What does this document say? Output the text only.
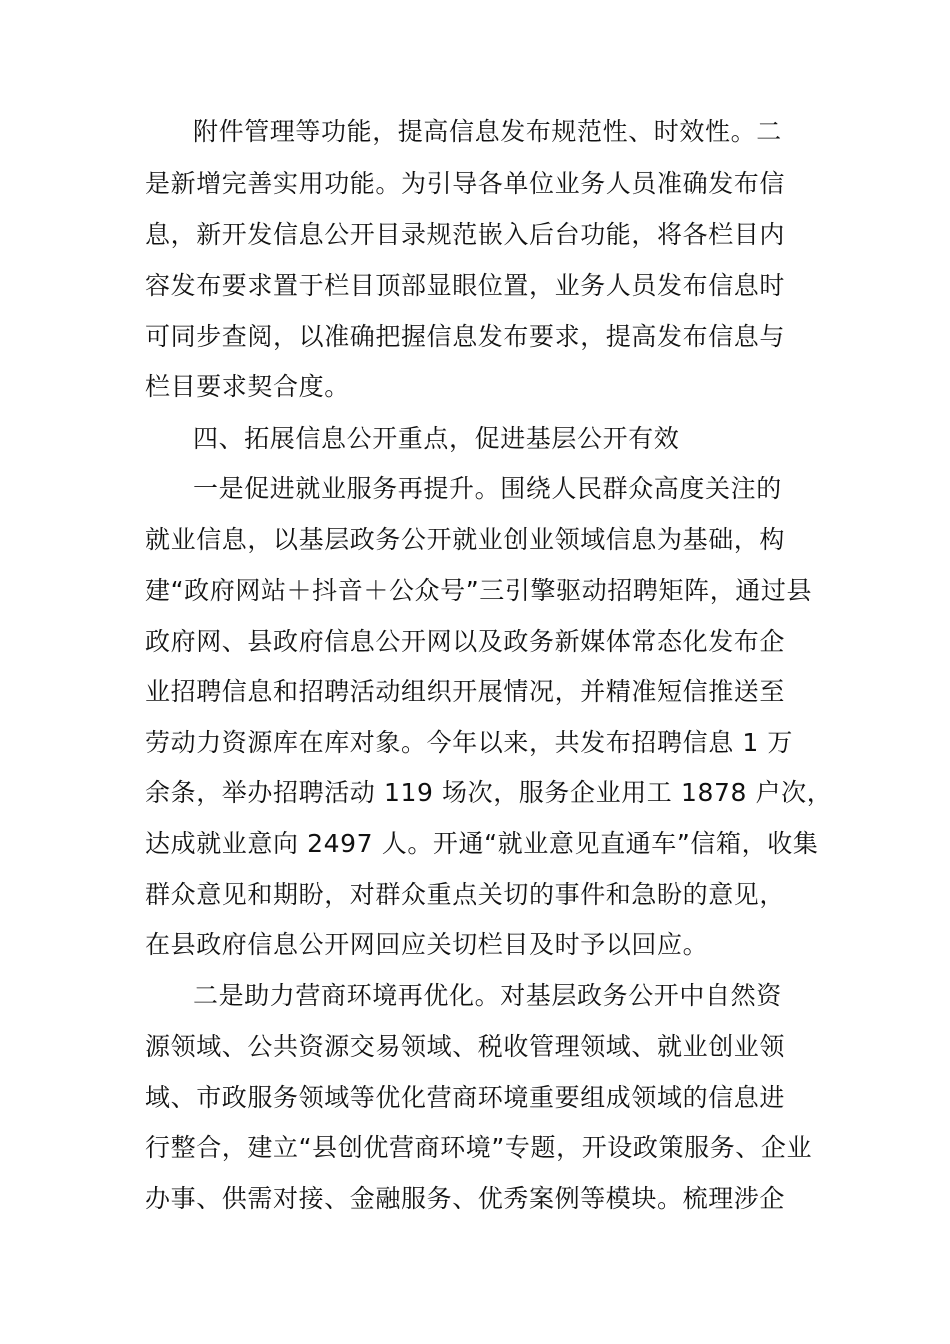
附件管理等功能，提高信息发布规范性、时效性。二
是新增完善实用功能。为引导各单位业务人员准确发布信
息，新开发信息公开目录规范嵌入后台功能，将各栏目内
容发布要求置于栏目顶部显眼位置，业务人员发布信息时
可同步查阅，以准确把握信息发布要求，提高发布信息与
栏目要求契合度。
四、拓展信息公开重点，促进基层公开有效
一是促进就业服务再提升。围绕人民群众高度关注的
就业信息，以基层政务公开就业创业领域信息为基础，构
建“政府网站＋抖音＋公众号”三引擎驱动招聘矩阵，通过县
政府网、县政府信息公开网以及政务新媒体常态化发布企
业招聘信息和招聘活动组织开展情况，并精准短信推送至
劳动力资源库在库对象。今年以来，共发布招聘信息 1 万
余条，举办招聘活动 119 场次，服务企业用工 1878 户次，
达成就业意向 2497 人。开通“就业意见直通车”信箱，收集
群众意见和期盼，对群众重点关切的事件和急盼的意见，
在县政府信息公开网回应关切栏目及时予以回应。
二是助力营商环境再优化。对基层政务公开中自然资
源领域、公共资源交易领域、税收管理领域、就业创业领
域、市政服务领域等优化营商环境重要组成领域的信息进
行整合，建立“县创优营商环境”专题，开设政策服务、企业
办事、供需对接、金融服务、优秀案例等模块。梳理涉企
